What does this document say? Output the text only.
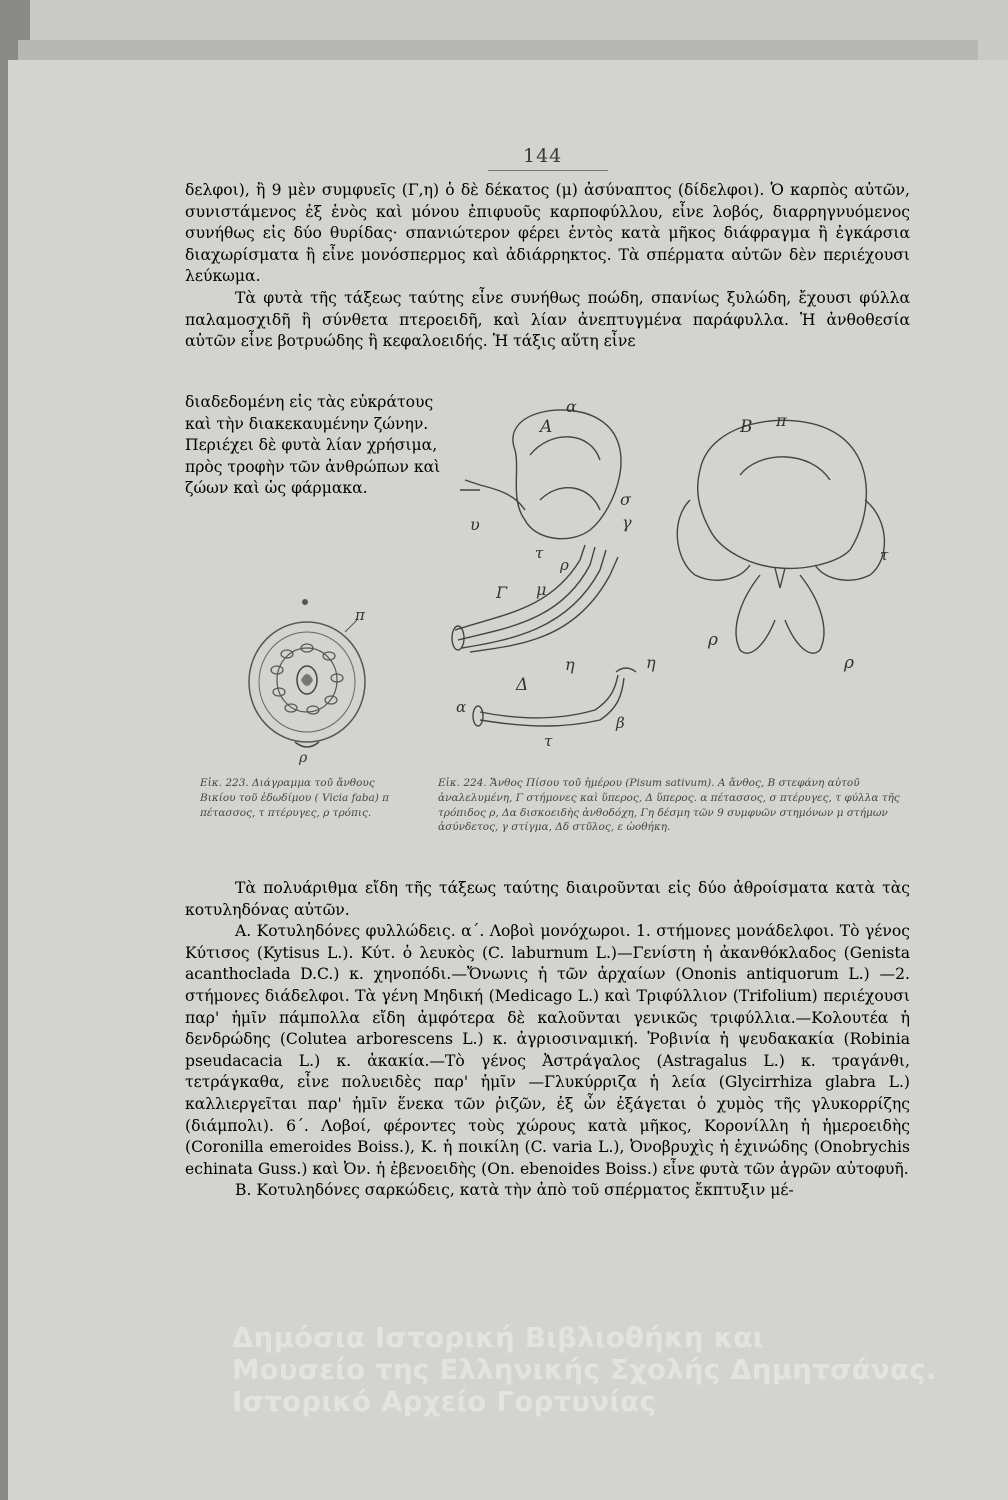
144

δελφοι), ἢ 9 μὲν συμφυεῖς (Γ,η) ὁ δὲ δέκατος (μ) ἀσύναπτος (δίδελφοι). Ὁ καρπὸς αὐτῶν, συνιστάμενος ἐξ ἑνὸς καὶ μόνου ἐπιφυοῦς καρποφύλλου, εἶνε λοβός, διαρρηγνυόμενος συνήθως εἰς δύο θυρίδας· σπανιώτερον φέρει ἐντὸς κατὰ μῆκος διάφραγμα ἢ ἐγκάρσια διαχωρίσματα ἢ εἶνε μονόσπερμος καὶ ἀδιάρρηκτος. Τὰ σπέρματα αὐτῶν δὲν περιέχουσι λεύκωμα.

Τὰ φυτὰ τῆς τάξεως ταύτης εἶνε συνήθως ποώδη, σπανίως ξυλώδη, ἔχουσι φύλλα παλαμοσχιδῆ ἢ σύνθετα πτεροειδῆ, καὶ λίαν ἀνεπτυγμένα παράφυλλα. Ἡ ἀνθοθεσία αὐτῶν εἶνε βοτρυώδης ἢ κεφαλοειδής. Ἡ τάξις αὕτη εἶνε

διαδεδομένη εἰς τὰς εὐκράτους καὶ τὴν διακεκαυμένην ζώνην. Περιέχει δὲ φυτὰ λίαν χρήσιμα, πρὸς τροφὴν τῶν ἀνθρώπων καὶ ζώων καὶ ὡς φάρμακα.
π
ρ
Α
α
Β π
σ
γ
υ
τ
ρ
τ
ρ
ρ
Γ μ
η	η
Δ
α
τ
β
Εἰκ. 223. Διάγραμμα τοῦ ἄνθους Βικίου τοῦ ἐδωδίμου ( Vicia faba) π πέτασσος, τ πτέρυγες, ρ τρόπις.
Εἰκ. 224. Ἄνθος Πίσου τοῦ ἡμέρου (Pisum sativum). Α ἄνθος, Β στεφάνη αὐτοῦ ἀναλελυμένη, Γ στήμονες καὶ ὕπερος, Δ ὕπερος. α πέτασσος, σ πτέρυγες, τ φύλλα τῆς τρόπιδος ρ, Δα δισκοειδὴς ἀνθοδόχη, Γη δέσμη τῶν 9 συμφυῶν στημόνων μ στήμων ἀσύνδετος, γ στίγμα, Δδ στῦλος, ε ὠοθήκη.

Τὰ πολυάριθμα εἴδη τῆς τάξεως ταύτης διαιροῦνται εἰς δύο ἀθροίσματα κατὰ τὰς κοτυληδόνας αὐτῶν.

Α. Κοτυληδόνες φυλλώδεις. α΄. Λοβοὶ μονόχωροι. 1. στήμονες μονάδελφοι. Τὸ γένος Κύτισος (Kytisus L.). Κύτ. ὁ λευκὸς (C. laburnum L.)—Γενίστη ἡ ἀκανθόκλαδος (Genista acanthoclada D.C.) κ. χηνοπόδι.—Ὄνωνις ἡ τῶν ἀρχαίων (Ononis antiquorum L.) —2. στήμονες διάδελφοι. Τὰ γένη Μηδική (Medicago L.) καὶ Τριφύλλιον (Trifolium) περιέχουσι παρ' ἡμῖν πάμπολλα εἴδη ἀμφότερα δὲ καλοῦνται γενικῶς τριφύλλια.—Κολουτέα ἡ δενδρώδης (Colutea arborescens L.) κ. ἀγριοσιναμική. Ῥοβινία ἡ ψευδακακία (Robinia pseudacacia L.) κ. ἀκακία.—Τὸ γένος Ἀστράγαλος (Astragalus L.) κ. τραγάνθι, τετράγκαθα, εἶνε πολυειδὲς παρ' ἡμῖν —Γλυκύρριζα ἡ λεία (Glycirrhiza glabra L.) καλλιεργεῖται παρ' ἡμῖν ἕνεκα τῶν ῥιζῶν, ἐξ ὧν ἐξάγεται ὁ χυμὸς τῆς γλυκορρίζης (διάμπολι). 6΄. Λοβοί, φέροντες τοὺς χώρους κατὰ μῆκος, Κορονίλλη ἡ ἡμεροειδὴς (Coronilla emeroides Boiss.), Κ. ἡ ποικίλη (C. varia L.), Ὀνοβρυχὶς ἡ ἐχινώδης (Onobrychis echinata Guss.) καὶ Ὀν. ἡ ἐβενοειδὴς (On. ebenoides Boiss.) εἶνε φυτὰ τῶν ἀγρῶν αὐτοφυῆ.

Β. Κοτυληδόνες σαρκώδεις, κατὰ τὴν ἀπὸ τοῦ σπέρματος ἔκπτυξιν μέ-

Δημόσια Ιστορική Βιβλιοθήκη και
Μουσείο της Ελληνικής Σχολής Δημητσάνας.
Ιστορικό Αρχείο Γορτυνίας
